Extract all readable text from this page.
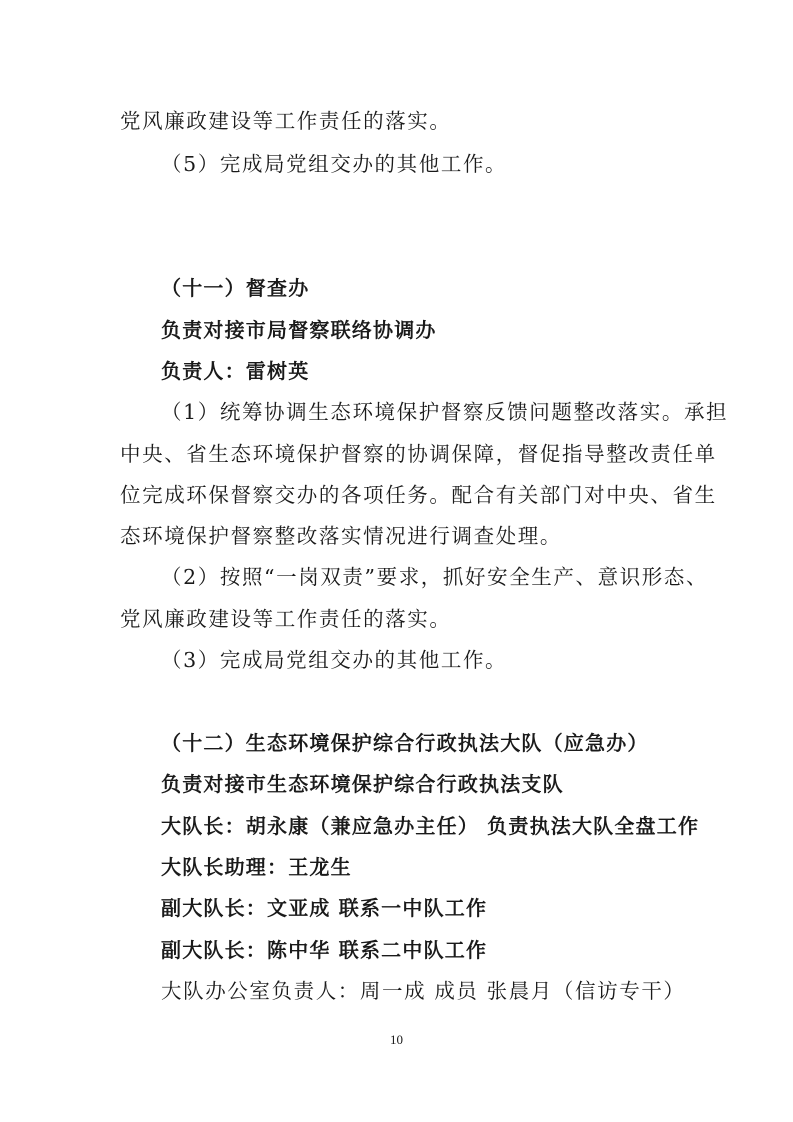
党风廉政建设等工作责任的落实。
（5）完成局党组交办的其他工作。
（十一）督查办
负责对接市局督察联络协调办
负责人：雷树英
（1）统筹协调生态环境保护督察反馈问题整改落实。承担
中央、省生态环境保护督察的协调保障，督促指导整改责任单
位完成环保督察交办的各项任务。配合有关部门对中央、省生
态环境保护督察整改落实情况进行调查处理。
（2）按照“一岗双责”要求，抓好安全生产、意识形态、
党风廉政建设等工作责任的落实。
（3）完成局党组交办的其他工作。
（十二）生态环境保护综合行政执法大队（应急办）
负责对接市生态环境保护综合行政执法支队
大队长：胡永康（兼应急办主任） 负责执法大队全盘工作
大队长助理：王龙生
副大队长：文亚成 联系一中队工作
副大队长：陈中华 联系二中队工作
大队办公室负责人：周一成 成员 张晨月（信访专干）
10
